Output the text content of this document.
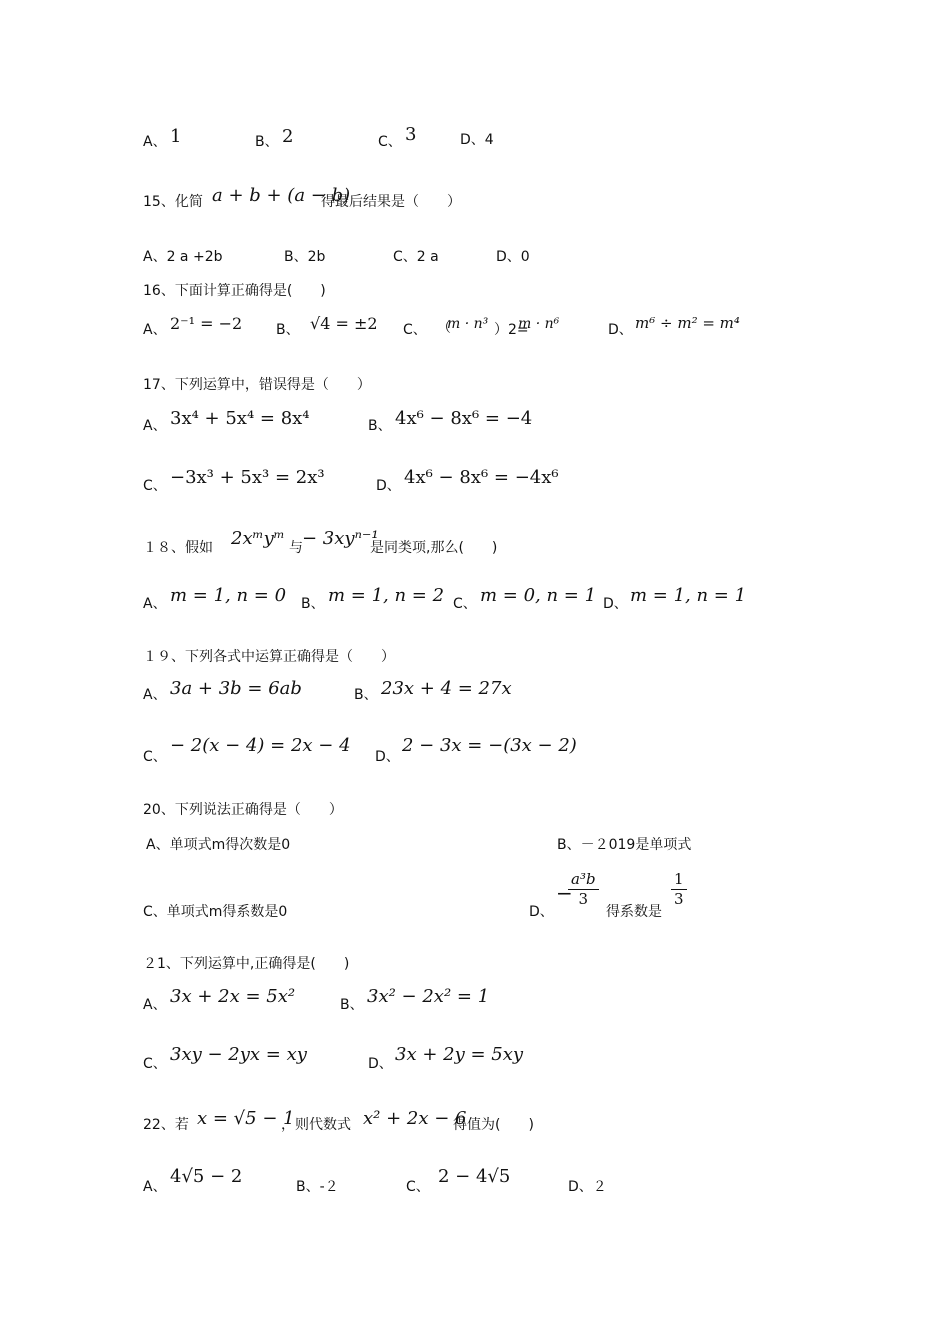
A、 1	B、 2	C、 3	D、4
15、化简 a + b + (a − b)
得最后结果是（　　）
A、2 a +2b	B、2b	C、2 a	D、0
16、下面计算正确得是(　　)
A、 2⁻¹ = −2 B、 √4 = ±2 C、 （
m · n³ ）2=
m · n⁶	D、 m⁶ ÷ m² = m⁴
17、下列运算中，错误得是（　　）
A、 3x⁴ + 5x⁴ = 8x⁴	B、 4x⁶ − 8x⁶ = −4
C、 −3x³ + 5x³ = 2x³	D、 4x⁶ − 8x⁶ = −4x⁶
１８、假如 2xᵐyᵐ 与 − 3xyⁿ⁻¹
是同类项,那么(　　)
A、 m = 1, n = 0 B、 m = 1, n = 2 C、 m = 0, n = 1 D、 m = 1, n = 1
１９、下列各式中运算正确得是（　　）
A、 3a + 3b = 6ab	B、 23x + 4 = 27x
C、
− 2(x − 4) = 2x − 4
D、
2 − 3x = −(3x − 2)
20、下列说法正确得是（　　）
A、单项式m得次数是0	B、－２019是单项式
C、单项式m得系数是0	D、
−
$\frac{\text{a³b}}{3}$
得系数是
$\frac{1}{3}$
２1、下列运算中,正确得是(　　)
A、 3x + 2x = 5x²	B、 3x² − 2x² = 1
C、 3xy − 2yx = xy	D、 3x + 2y = 5xy
22、若 x = √5 − 1
，则代数式 x² + 2x − 6
得值为(　　)
A、 4√5 − 2	B、-２	C、 2 − 4√5	D、２
